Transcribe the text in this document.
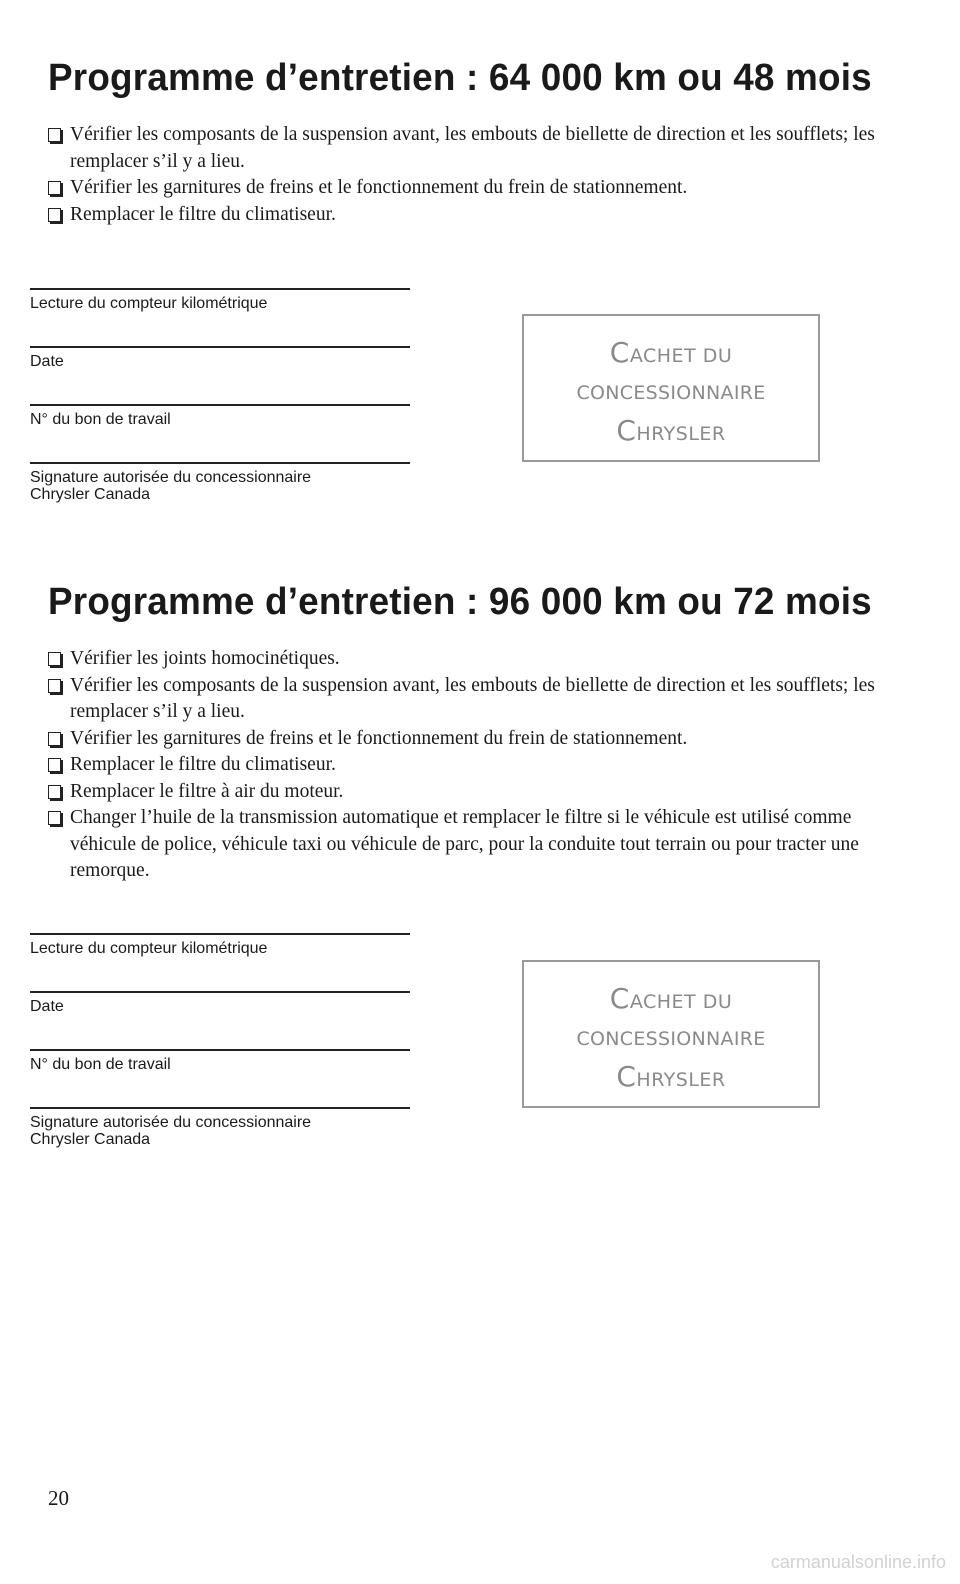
Programme d’entretien : 64 000 km ou 48 mois

Vérifier les composants de la suspension avant, les embouts de biellette de direction et les soufflets; les remplacer s’il y a lieu.

Vérifier les garnitures de freins et le fonctionnement du frein de stationnement.

Remplacer le filtre du climatiseur.

Lecture du compteur kilométrique
Date
N° du bon de travail
Signature autorisée du concessionnaire
Chrysler Canada
CACHET DU
CONCESSIONNAIRE
CHRYSLER
Programme d’entretien : 96 000 km ou 72 mois

Vérifier les joints homocinétiques.

Vérifier les composants de la suspension avant, les embouts de biellette de direction et les soufflets; les remplacer s’il y a lieu.

Vérifier les garnitures de freins et le fonctionnement du frein de stationnement.

Remplacer le filtre du climatiseur.

Remplacer le filtre à air du moteur.

Changer l’huile de la transmission automatique et remplacer le filtre si le véhicule est utilisé comme véhicule de police, véhicule taxi ou véhicule de parc, pour la conduite tout terrain ou pour tracter une remorque.

Lecture du compteur kilométrique
Date
N° du bon de travail
Signature autorisée du concessionnaire
Chrysler Canada
CACHET DU
CONCESSIONNAIRE
CHRYSLER
20
carmanualsonline.info
